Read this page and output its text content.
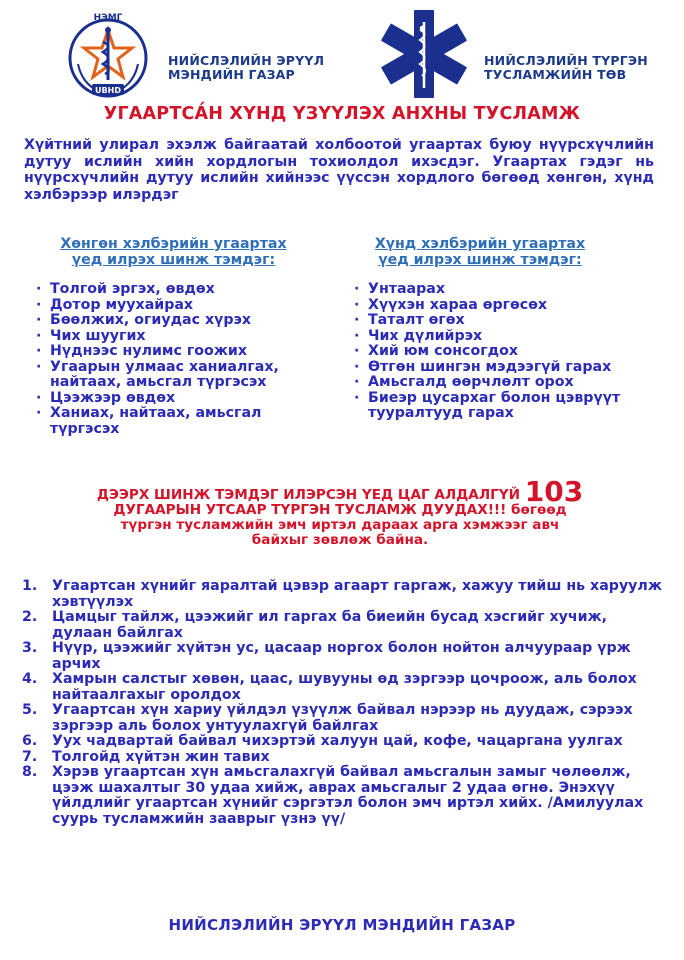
НЭМГ
UBHD
НИЙСЛЭЛИЙН ЭРҮҮЛ
МЭНДИЙН ГАЗАР
НИЙСЛЭЛИЙН ТҮРГЭН
ТУСЛАМЖИЙН ТӨВ
УГААРТСА́Н ХҮНД ҮЗҮҮЛЭХ АНХНЫ ТУСЛАМЖ
Хүйтний улирал эхэлж байгаатай холбоотой угаартах буюу нүүрсхүчлийн дутуу ислийн хийн хордлогын тохиолдол ихэсдэг. Угаартах гэдэг нь нүүрсхүчлийн дутуу ислийн хийнээс үүссэн хордлого бөгөөд хөнгөн, хүнд хэлбэрээр илэрдэг
Хөнгөн хэлбэрийн угаартах
үед илрэх шинж тэмдэг:
Хүнд хэлбэрийн угаартах
үед илрэх шинж тэмдэг:
· Толгой эргэх, өвдөх
· Дотор муухайрах
· Бөөлжих, огиудас хүрэх
· Чих шуугих
· Нүднээс нулимс гоожих
· Угаарын улмаас ханиалгах, найтаах, амьсгал түргэсэх
· Цээжээр өвдөх
· Ханиах, найтаах, амьсгал түргэсэх
· Унтаарах
· Хүүхэн хараа өргөсөх
· Таталт өгөх
· Чих дүлийрэх
· Хий юм сонсогдох
· Өтгөн шингэн мэдээгүй гарах
· Амьсгалд өөрчлөлт орох
· Биеэр цусархаг болон цэврүүт тууралтууд гарах
ДЭЭРХ ШИНЖ ТЭМДЭГ ИЛЭРСЭН ҮЕД ЦАГ АЛДАЛГҮЙ 103
ДУГААРЫН УТСААР ТҮРГЭН ТУСЛАМЖ ДУУДАХ!!! бөгөөд
түргэн тусламжийн эмч иртэл дараах арга хэмжээг авч
байхыг зөвлөж байна.
1. Угаартсан хүнийг яаралтай цэвэр агаарт гаргаж, хажуу тийш нь харуулж хэвтүүлэх
2. Цамцыг тайлж, цээжийг ил гаргах ба биеийн бусад хэсгийг хучиж, дулаан байлгах
3. Нүүр, цээжийг хүйтэн ус, цасаар норгох болон нойтон алчуураар үрж арчих
4. Хамрын салстыг хөвөн, цаас, шувууны өд зэргээр цочроож, аль болох найтаалгахыг оролдох
5. Угаартсан хүн хариу үйлдэл үзүүлж байвал нэрээр нь дуудаж, сэрээх зэргээр аль болох унтуулахгүй байлгах
6. Уух чадвартай байвал чихэртэй халуун цай, кофе, чацаргана уулгах
7. Толгойд хүйтэн жин тавих
8. Хэрэв угаартсан хүн амьсгалахгүй байвал амьсгалын замыг чөлөөлж, цээж шахалтыг 30 удаа хийж, аврах амьсгалыг 2 удаа өгнө. Энэхүү үйлдлийг угаартсан хүнийг сэргэтэл болон эмч иртэл хийх. /Амилуулах суурь тусламжийн зааврыг үзнэ үү/
НИЙСЛЭЛИЙН ЭРҮҮЛ МЭНДИЙН ГАЗАР
